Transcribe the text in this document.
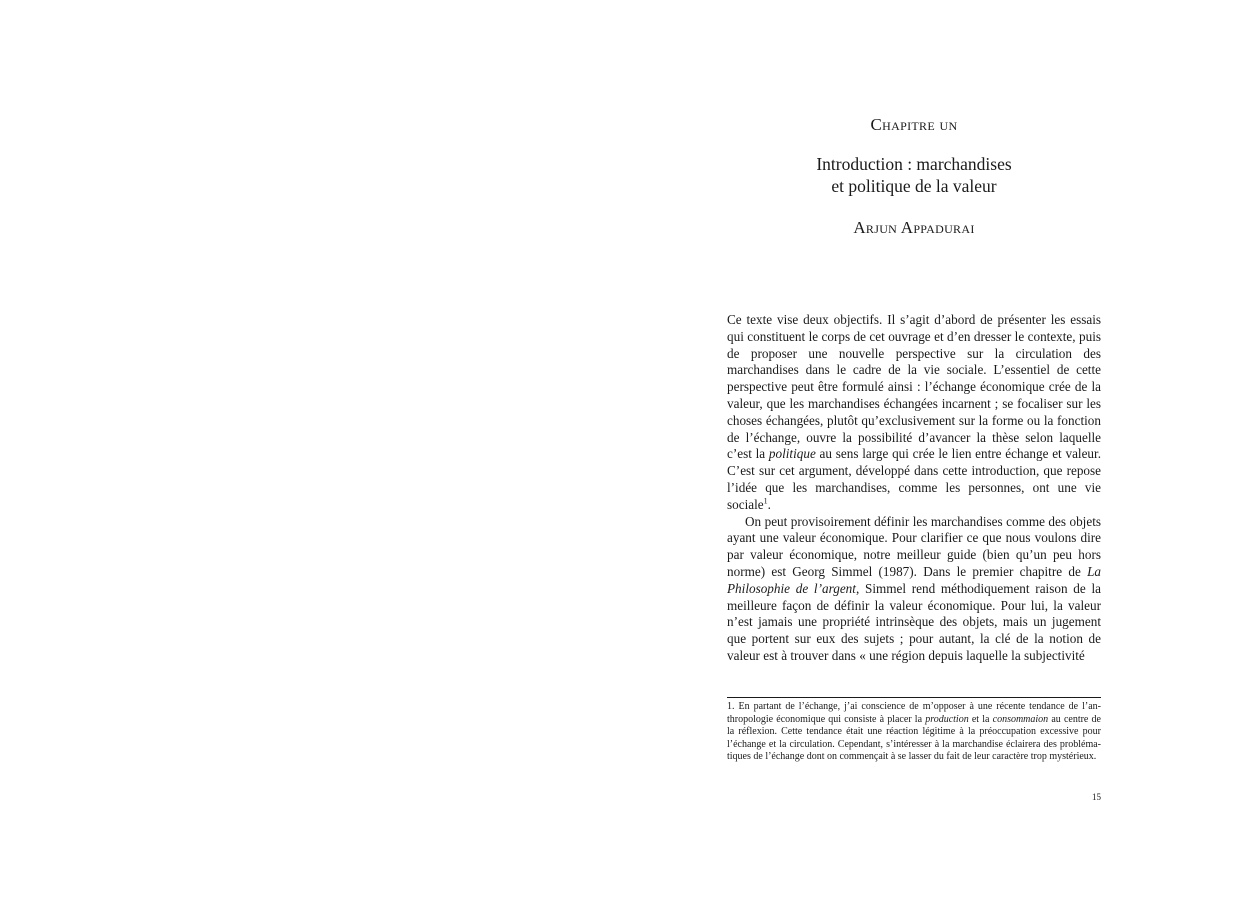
Chapitre un
Introduction : marchandises
et politique de la valeur
Arjun Appadurai

Ce texte vise deux objectifs. Il s’agit d’abord de présenter les essais qui constituent le corps de cet ouvrage et d’en dresser le contexte, puis de proposer une nouvelle perspective sur la circulation des marchandises dans le cadre de la vie sociale. L’essentiel de cette perspective peut être formulé ainsi : l’échange économique crée de la valeur, que les marchandises échangées incarnent ; se focaliser sur les choses échangées, plutôt qu’exclusivement sur la forme ou la fonction de l’échange, ouvre la possibilité d’avancer la thèse selon laquelle c’est la politique au sens large qui crée le lien entre échange et valeur. C’est sur cet argument, développé dans cette introduction, que repose l’idée que les marchandises, comme les personnes, ont une vie sociale$^1$.

On peut provisoirement définir les marchandises comme des objets ayant une valeur économique. Pour clarifier ce que nous voulons dire par valeur économique, notre meilleur guide (bien qu’un peu hors norme) est Georg Simmel (1987). Dans le premier chapitre de La Philosophie de l’argent, Simmel rend méthodiquement raison de la meilleure façon de définir la valeur économique. Pour lui, la valeur n’est jamais une propriété intrinsèque des objets, mais un jugement que portent sur eux des sujets ; pour autant, la clé de la notion de valeur est à trouver dans « une région depuis laquelle la subjectivité

1. En partant de l’échange, j’ai conscience de m’opposer à une récente tendance de l’anthropologie économique qui consiste à placer la production et la consommaion au centre de la réflexion. Cette tendance était une réaction légitime à la préoccupation excessive pour l’échange et la circulation. Cependant, s’intéresser à la marchandise éclairera des problématiques de l’échange dont on commençait à se lasser du fait de leur caractère trop mystérieux.
15
